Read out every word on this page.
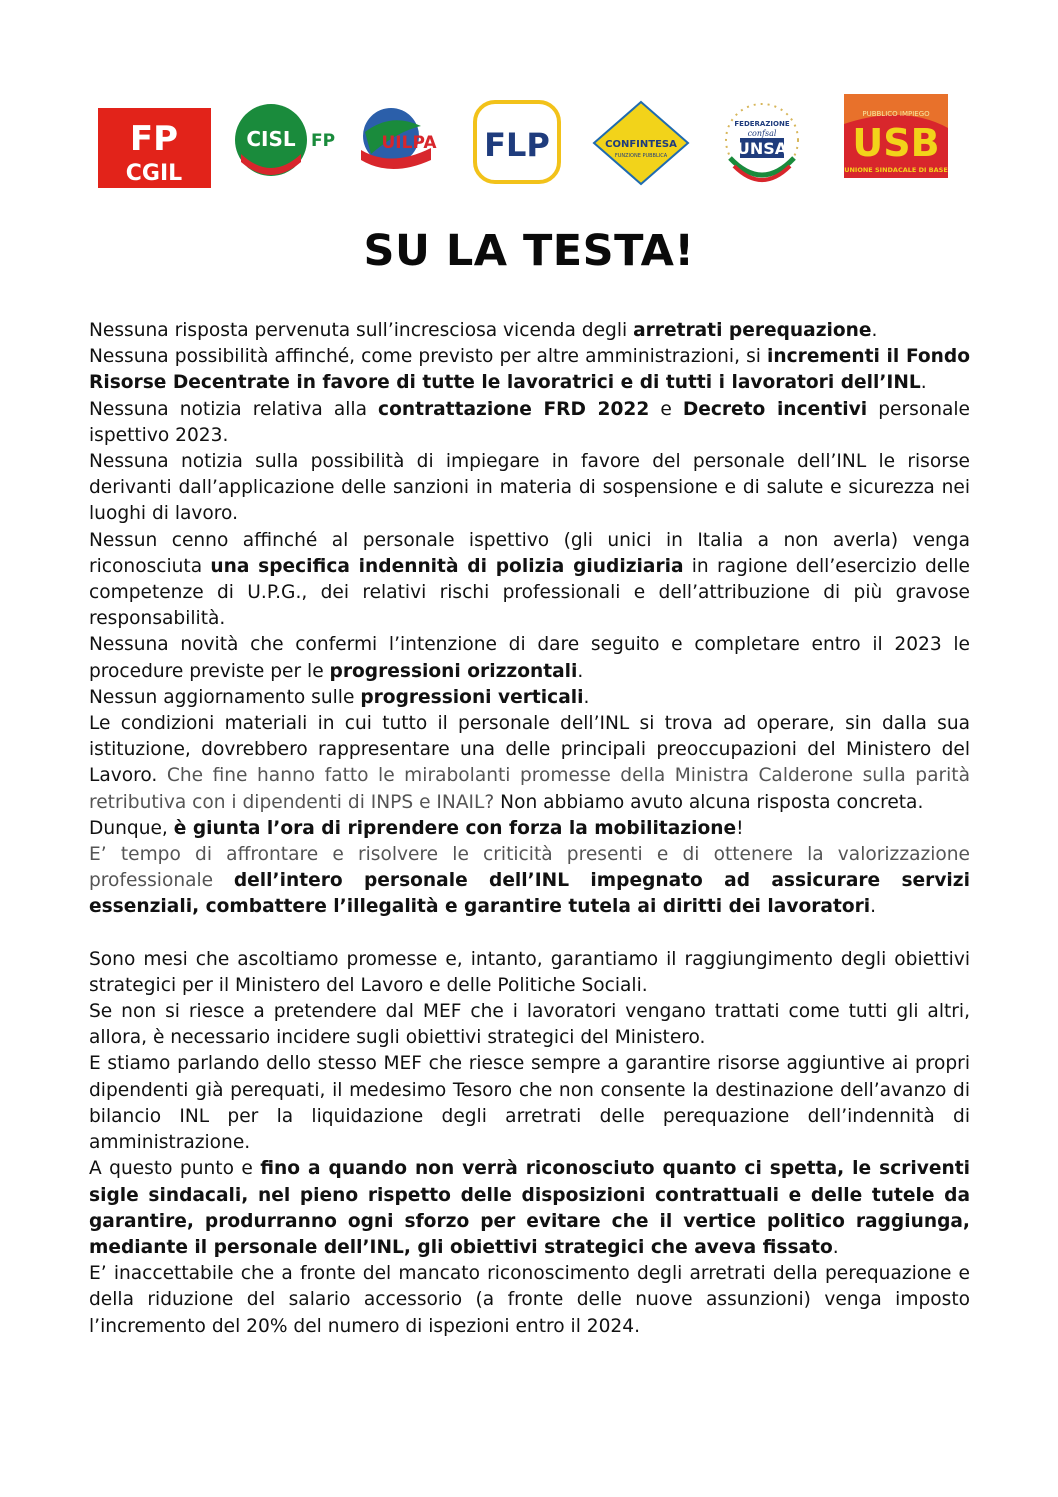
FP
CGIL
CISL FP	UILPA FLP	CONFINTESA
FUNZIONE PUBBLICA
FEDERAZIONE
confsal
UNSA
PUBBLICO IMPIEGO
USB
UNIONE SINDACALE DI BASE
SU LA TESTA!

Nessuna risposta pervenuta sull’incresciosa vicenda degli arretrati perequazione.

Nessuna possibilità affinché, come previsto per altre amministrazioni, si incrementi il Fondo Risorse Decentrate in favore di tutte le lavoratrici e di tutti i lavoratori dell’INL.

Nessuna notizia relativa alla contrattazione FRD 2022 e Decreto incentivi personale ispettivo 2023.

Nessuna notizia sulla possibilità di impiegare in favore del personale dell’INL le risorse derivanti dall’applicazione delle sanzioni in materia di sospensione e di salute e sicurezza nei luoghi di lavoro.

Nessun cenno affinché al personale ispettivo (gli unici in Italia a non averla) venga riconosciuta una specifica indennità di polizia giudiziaria in ragione dell’esercizio delle competenze di U.P.G., dei relativi rischi professionali e dell’attribuzione di più gravose responsabilità.

Nessuna novità che confermi l’intenzione di dare seguito e completare entro il 2023 le procedure previste per le progressioni orizzontali.

Nessun aggiornamento sulle progressioni verticali.

Le condizioni materiali in cui tutto il personale dell’INL si trova ad operare, sin dalla sua istituzione, dovrebbero rappresentare una delle principali preoccupazioni del Ministero del Lavoro. Che fine hanno fatto le mirabolanti promesse della Ministra Calderone sulla parità retributiva con i dipendenti di INPS e INAIL? Non abbiamo avuto alcuna risposta concreta.

Dunque, è giunta l’ora di riprendere con forza la mobilitazione!

E’ tempo di affrontare e risolvere le criticità presenti e di ottenere la valorizzazione professionale dell’intero personale dell’INL impegnato ad assicurare servizi essenziali, combattere l’illegalità e garantire tutela ai diritti dei lavoratori.

Sono mesi che ascoltiamo promesse e, intanto, garantiamo il raggiungimento degli obiettivi strategici per il Ministero del Lavoro e delle Politiche Sociali.

Se non si riesce a pretendere dal MEF che i lavoratori vengano trattati come tutti gli altri, allora, è necessario incidere sugli obiettivi strategici del Ministero.

E stiamo parlando dello stesso MEF che riesce sempre a garantire risorse aggiuntive ai propri dipendenti già perequati, il medesimo Tesoro che non consente la destinazione dell’avanzo di bilancio INL per la liquidazione degli arretrati delle perequazione dell’indennità di amministrazione.

A questo punto e fino a quando non verrà riconosciuto quanto ci spetta, le scriventi sigle sindacali, nel pieno rispetto delle disposizioni contrattuali e delle tutele da garantire, produrranno ogni sforzo per evitare che il vertice politico raggiunga, mediante il personale dell’INL, gli obiettivi strategici che aveva fissato.

E’ inaccettabile che a fronte del mancato riconoscimento degli arretrati della perequazione e della riduzione del salario accessorio (a fronte delle nuove assunzioni) venga imposto l’incremento del 20% del numero di ispezioni entro il 2024.
